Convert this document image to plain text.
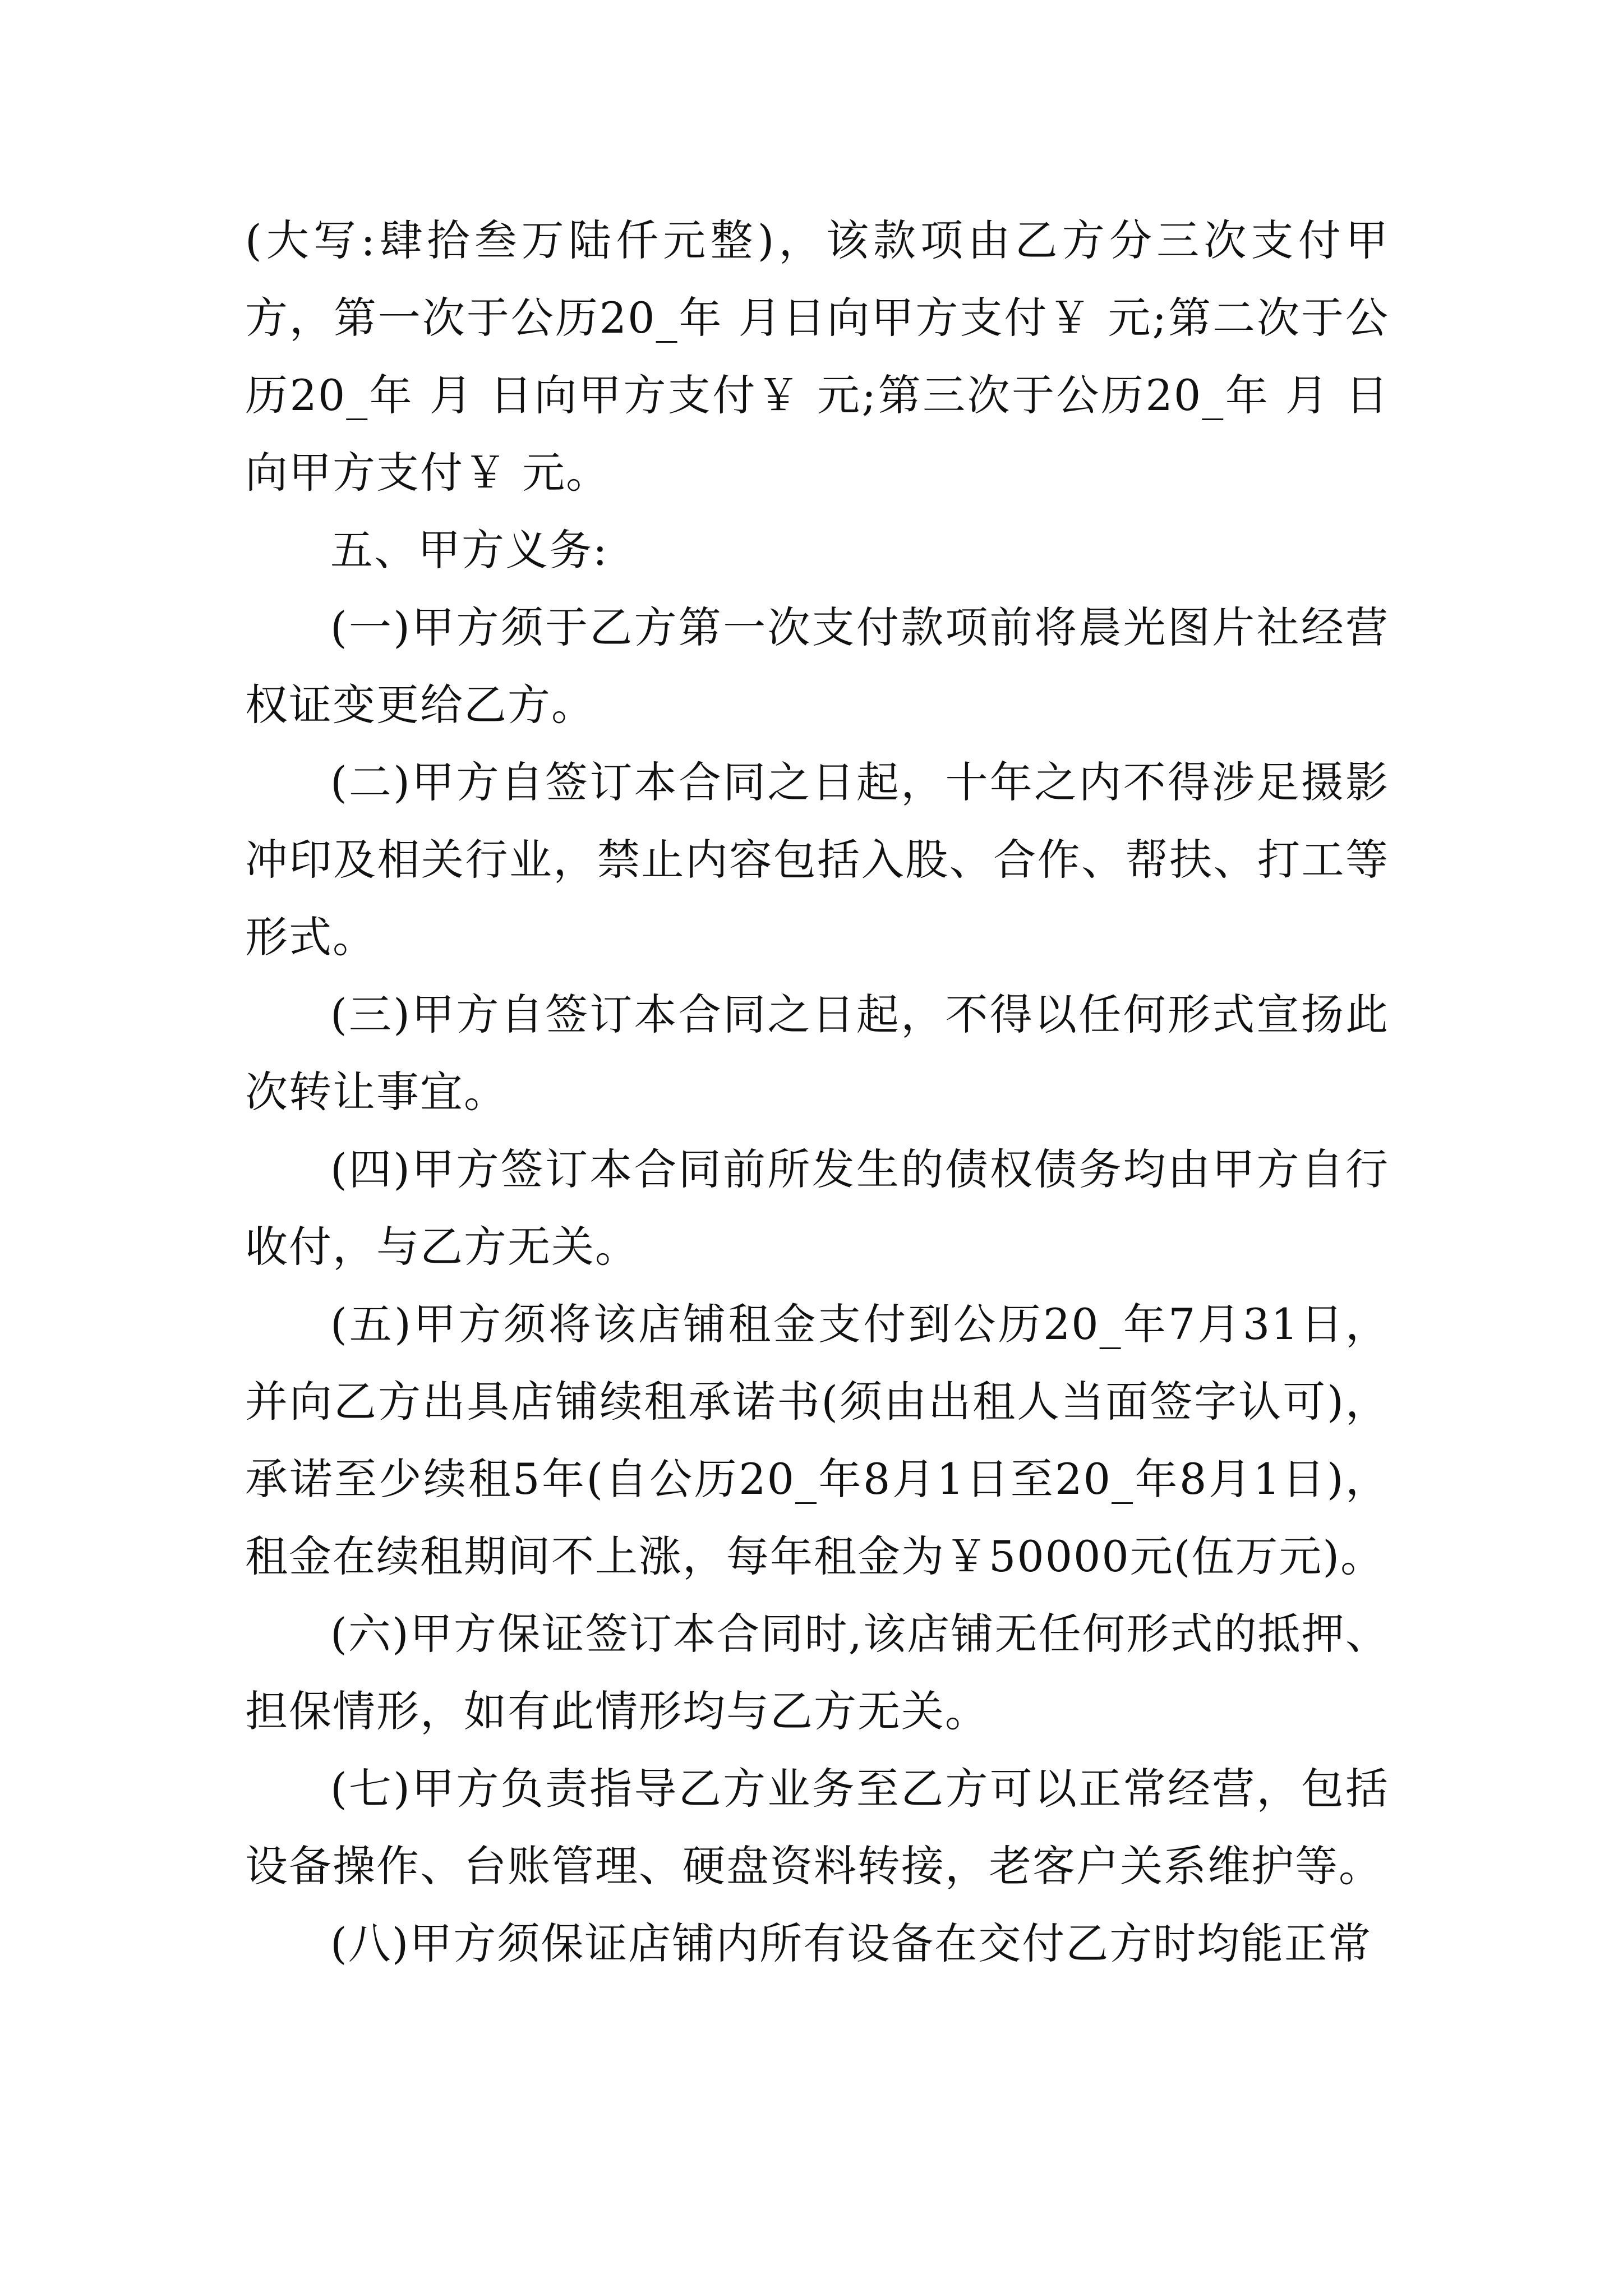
(大写:肆拾叁万陆仟元整)，该款项由乙方分三次支付甲方，第一次于公历20_年 月日向甲方支付￥ 元;第二次于公历20_年 月 日向甲方支付￥ 元;第三次于公历20_年 月 日向甲方支付￥ 元。

五、甲方义务:

(一)甲方须于乙方第一次支付款项前将晨光图片社经营权证变更给乙方。

(二)甲方自签订本合同之日起，十年之内不得涉足摄影冲印及相关行业，禁止内容包括入股、合作、帮扶、打工等形式。

(三)甲方自签订本合同之日起，不得以任何形式宣扬此次转让事宜。

(四)甲方签订本合同前所发生的债权债务均由甲方自行收付，与乙方无关。

(五)甲方须将该店铺租金支付到公历20_年7月31日，并向乙方出具店铺续租承诺书(须由出租人当面签字认可)，承诺至少续租5年(自公历20_年8月1日至20_年8月1日)，租金在续租期间不上涨，每年租金为￥50000元(伍万元)。

(六)甲方保证签订本合同时,该店铺无任何形式的抵押、担保情形，如有此情形均与乙方无关。

(七)甲方负责指导乙方业务至乙方可以正常经营，包括设备操作、台账管理、硬盘资料转接，老客户关系维护等。

(八)甲方须保证店铺内所有设备在交付乙方时均能正常
